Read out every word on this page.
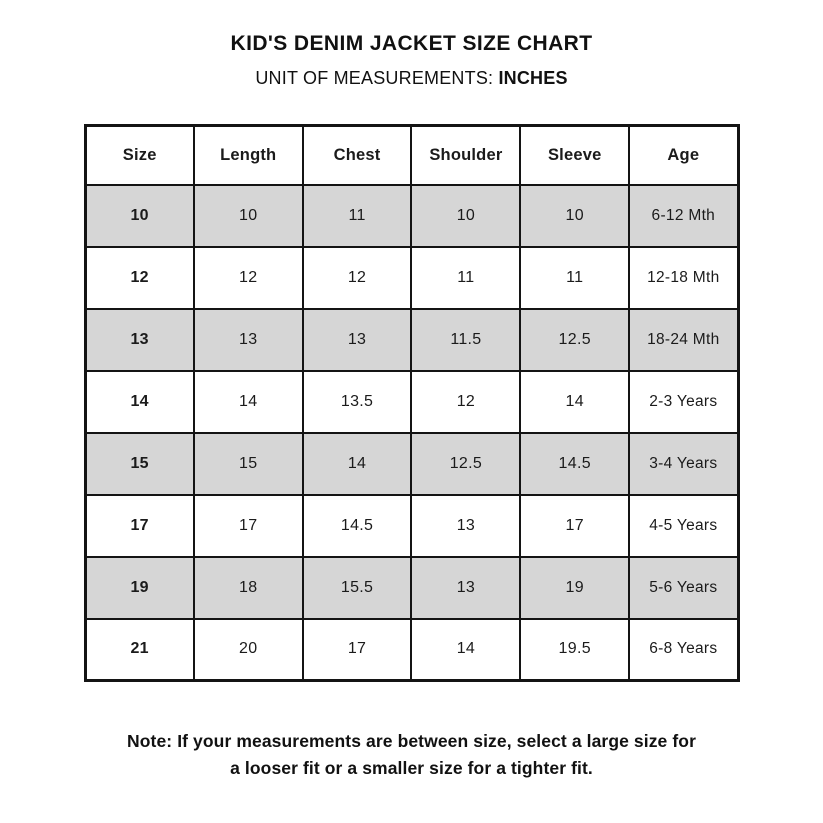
KID'S DENIM JACKET SIZE CHART
UNIT OF MEASUREMENTS: INCHES
Size	Length	Chest	Shoulder	Sleeve	Age
10	10	11	10	10	6-12 Mth
12	12	12	11	11	12-18 Mth
13	13	13	11.5	12.5	18-24 Mth
14	14	13.5	12	14	2-3 Years
15	15	14	12.5	14.5	3-4 Years
17	17	14.5	13	17	4-5 Years
19	18	15.5	13	19	5-6 Years
21	20	17	14	19.5	6-8 Years

Note: If your measurements are between size, select a large size for
a looser fit or a smaller size for a tighter fit.
